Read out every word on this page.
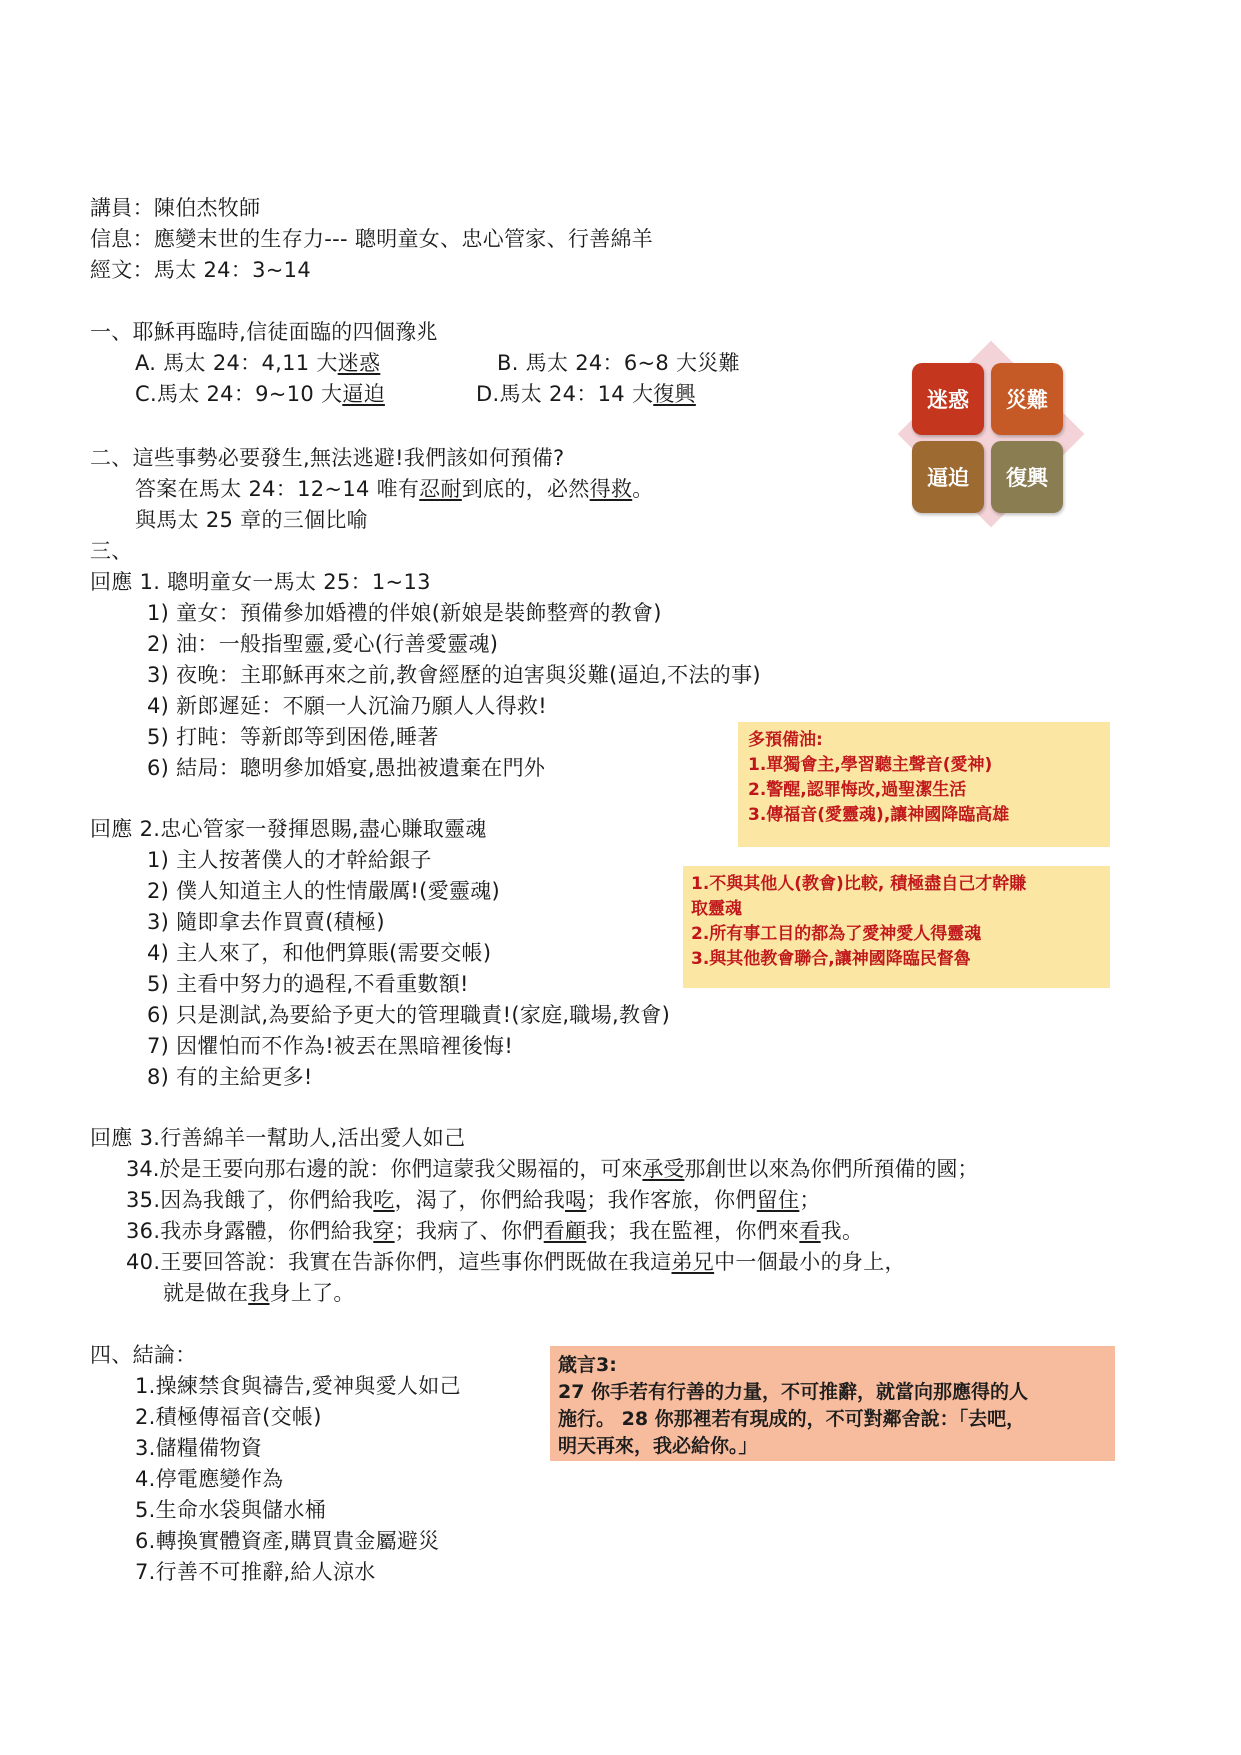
講員：陳伯杰牧師
信息：應變末世的生存力--- 聰明童女、忠心管家、行善綿羊
經文：馬太 24：3~14
一、耶穌再臨時,信徒面臨的四個豫兆
A. 馬太 24：4,11 大迷惑	B. 馬太 24：6~8 大災難
C.馬太 24：9~10 大逼迫	D.馬太 24：14 大復興	迷惑	災難
逼迫	復興
二、這些事勢必要發生,無法逃避!我們該如何預備?
答案在馬太 24：12~14 唯有忍耐到底的，必然得救。
與馬太 25 章的三個比喻
三、
回應 1. 聰明童女一馬太 25：1~13
1) 童女：預備參加婚禮的伴娘(新娘是裝飾整齊的教會)
2) 油：一般指聖靈,愛心(行善愛靈魂)
3) 夜晚：主耶穌再來之前,教會經歷的迫害與災難(逼迫,不法的事)
4) 新郎遲延：不願一人沉淪乃願人人得救!
5) 打盹：等新郎等到困倦,睡著
6) 結局：聰明參加婚宴,愚拙被遺棄在門外
回應 2.忠心管家一發揮恩賜,盡心賺取靈魂
1) 主人按著僕人的才幹給銀子
2) 僕人知道主人的性情嚴厲!(愛靈魂)
3) 隨即拿去作買賣(積極)
4) 主人來了，和他們算賬(需要交帳)
5) 主看中努力的過程,不看重數額!
6) 只是測試,為要給予更大的管理職責!(家庭,職場,教會)
7) 因懼怕而不作為!被丟在黑暗裡後悔!
8) 有的主給更多!
回應 3.行善綿羊一幫助人,活出愛人如己
34.於是王要向那右邊的說：你們這蒙我父賜福的，可來承受那創世以來為你們所預備的國；
35.因為我餓了，你們給我吃，渴了，你們給我喝；我作客旅，你們留住；
36.我赤身露體，你們給我穿；我病了、你們看顧我；我在監裡，你們來看我。
40.王要回答說：我實在告訴你們，這些事你們既做在我這弟兄中一個最小的身上，
就是做在我身上了。
四、結論：
1.操練禁食與禱告,愛神與愛人如己
2.積極傳福音(交帳)
3.儲糧備物資
4.停電應變作為
5.生命水袋與儲水桶
6.轉換實體資產,購買貴金屬避災
7.行善不可推辭,給人涼水
多預備油:
1.單獨會主,學習聽主聲音(愛神)
2.警醒,認罪悔改,過聖潔生活
3.傳福音(愛靈魂),讓神國降臨高雄
1.不與其他人(教會)比較, 積極盡自己才幹賺
取靈魂
2.所有事工目的都為了愛神愛人得靈魂
3.與其他教會聯合,讓神國降臨民督魯
箴言3:
27 你手若有行善的力量，不可推辭，就當向那應得的人
施行。 28 你那裡若有現成的，不可對鄰舍說：「去吧，
明天再來，我必給你。」
